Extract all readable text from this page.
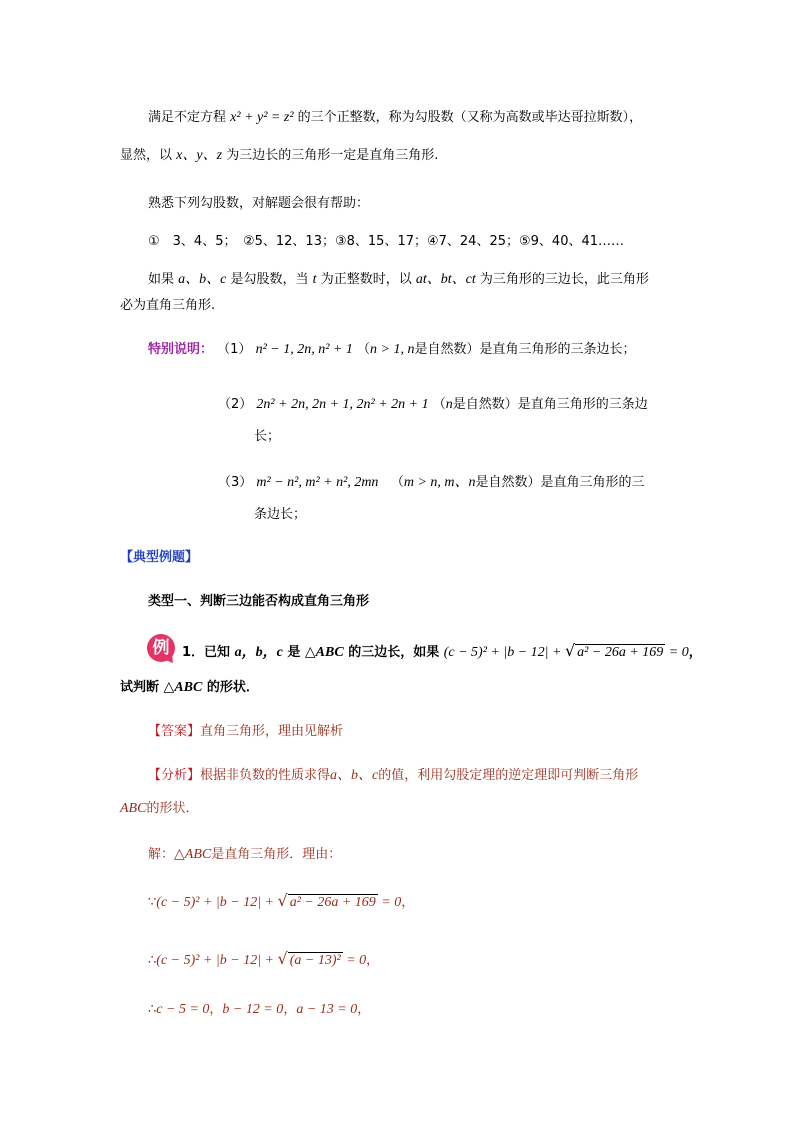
满足不定方程 x² + y² = z² 的三个正整数，称为勾股数（又称为高数或毕达哥拉斯数），
显然，以 x、y、z 为三边长的三角形一定是直角三角形.
熟悉下列勾股数，对解题会很有帮助：
①　3、4、5；　②5、12、13；③8、15、17；④7、24、25；⑤9、40、41……
如果 a、b、c 是勾股数，当 t 为正整数时，以 at、bt、ct 为三角形的三边长，此三角形
必为直角三角形.
特别说明： （1） n² − 1, 2n, n² + 1 （n > 1, n是自然数）是直角三角形的三条边长；
（2） 2n² + 2n, 2n + 1, 2n² + 2n + 1 （n是自然数）是直角三角形的三条边
长；
（3） m² − n², m² + n², 2mn （m > n, m、n是自然数）是直角三角形的三
条边长；
【典型例题】
类型一、判断三边能否构成直角三角形
例 1．已知 a，b，c 是 △ABC 的三边长，如果 (c − 5)² + |b − 12| + √ a² − 26a + 169 = 0，
试判断 △ABC 的形状．
【答案】直角三角形，理由见解析
【分析】根据非负数的性质求得a、b、c的值，利用勾股定理的逆定理即可判断三角形
ABC的形状．
解：△ABC是直角三角形．理由：
∵(c − 5)² + |b − 12| + √ a² − 26a + 169 = 0，
∴(c − 5)² + |b − 12| + √ (a − 13)² = 0，
∴c − 5 = 0，b − 12 = 0，a − 13 = 0，
